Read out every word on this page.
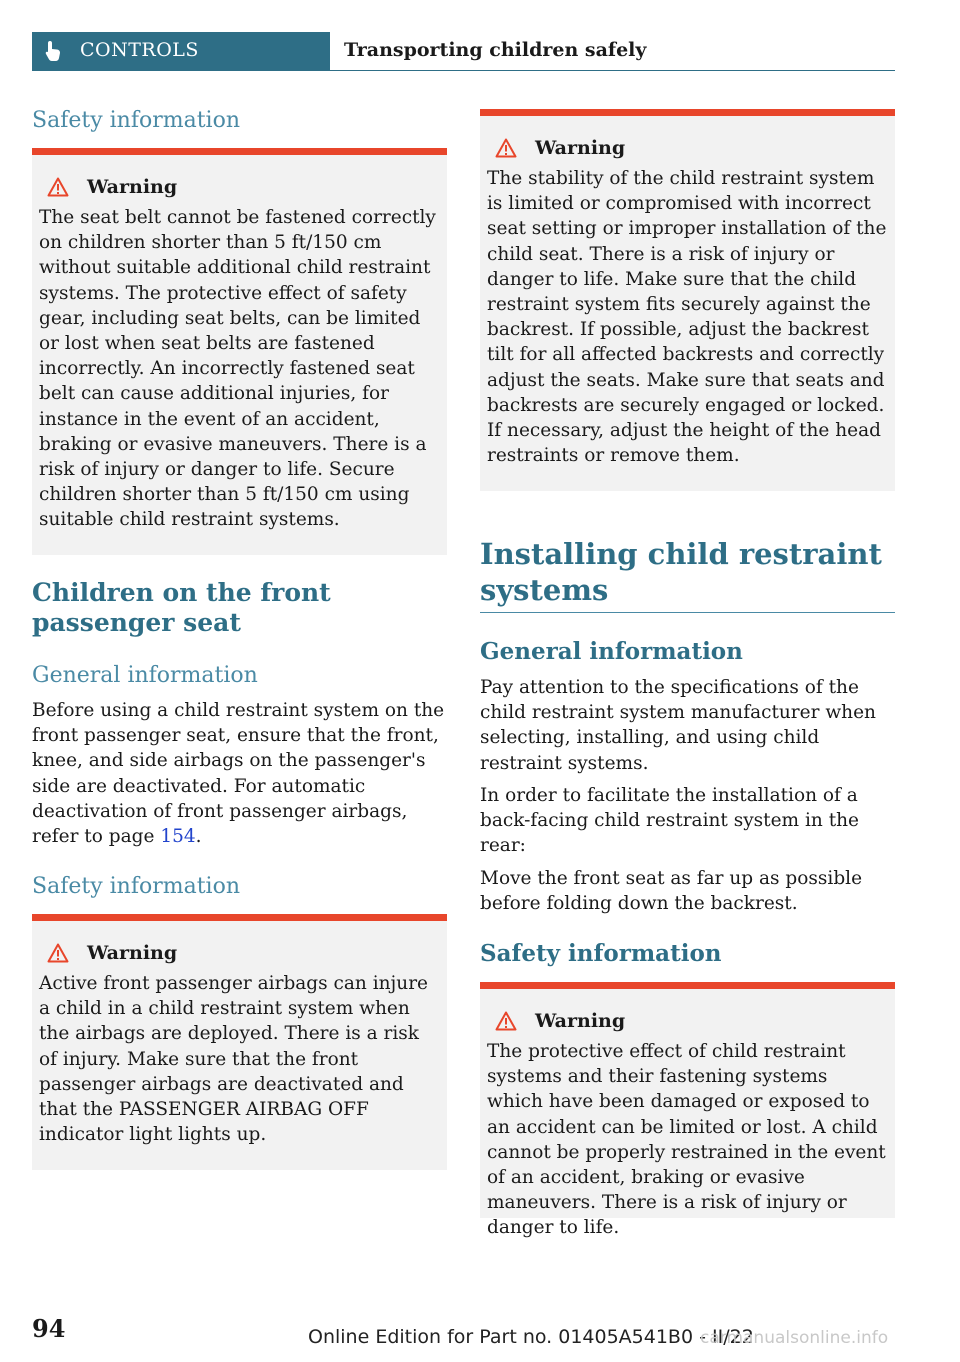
CONTROLS	Transporting children safely
Safety information
Warning
The seat belt cannot be fastened correctly on children shorter than 5 ft/150 cm without suitable additional child restraint systems. The protective effect of safety gear, including seat belts, can be limited or lost when seat belts are fastened incorrectly. An incorrectly fastened seat belt can cause additional injuries, for instance in the event of an accident, braking or evasive maneuvers. There is a risk of injury or danger to life. Secure children shorter than 5 ft/150 cm using suitable child restraint systems.
Children on the front passenger seat
General information

Before using a child restraint system on the front passenger seat, ensure that the front, knee, and side airbags on the passenger's side are deactivated. For automatic deactivation of front passenger airbags, refer to page 154.

Safety information
Warning
Active front passenger airbags can injure a child in a child restraint system when the airbags are deployed. There is a risk of injury. Make sure that the front passenger airbags are deactivated and that the PASSENGER AIRBAG OFF indicator light lights up.
Warning
The stability of the child restraint system is limited or compromised with incorrect seat setting or improper installation of the child seat. There is a risk of injury or danger to life. Make sure that the child restraint system fits securely against the backrest. If possible, adjust the backrest tilt for all affected backrests and correctly adjust the seats. Make sure that seats and backrests are securely engaged or locked. If necessary, adjust the height of the head restraints or remove them.
Installing child restraint systems
General information

Pay attention to the specifications of the child restraint system manufacturer when selecting, installing, and using child restraint systems.

In order to facilitate the installation of a back-facing child restraint system in the rear:

Move the front seat as far up as possible before folding down the backrest.

Safety information
Warning
The protective effect of child restraint systems and their fastening systems which have been damaged or exposed to an accident can be limited or lost. A child cannot be properly restrained in the event of an accident, braking or evasive maneuvers. There is a risk of injury or danger to life.
94	Online Edition for Part no. 01405A541B0 - II/22
carmanualsonline.info
